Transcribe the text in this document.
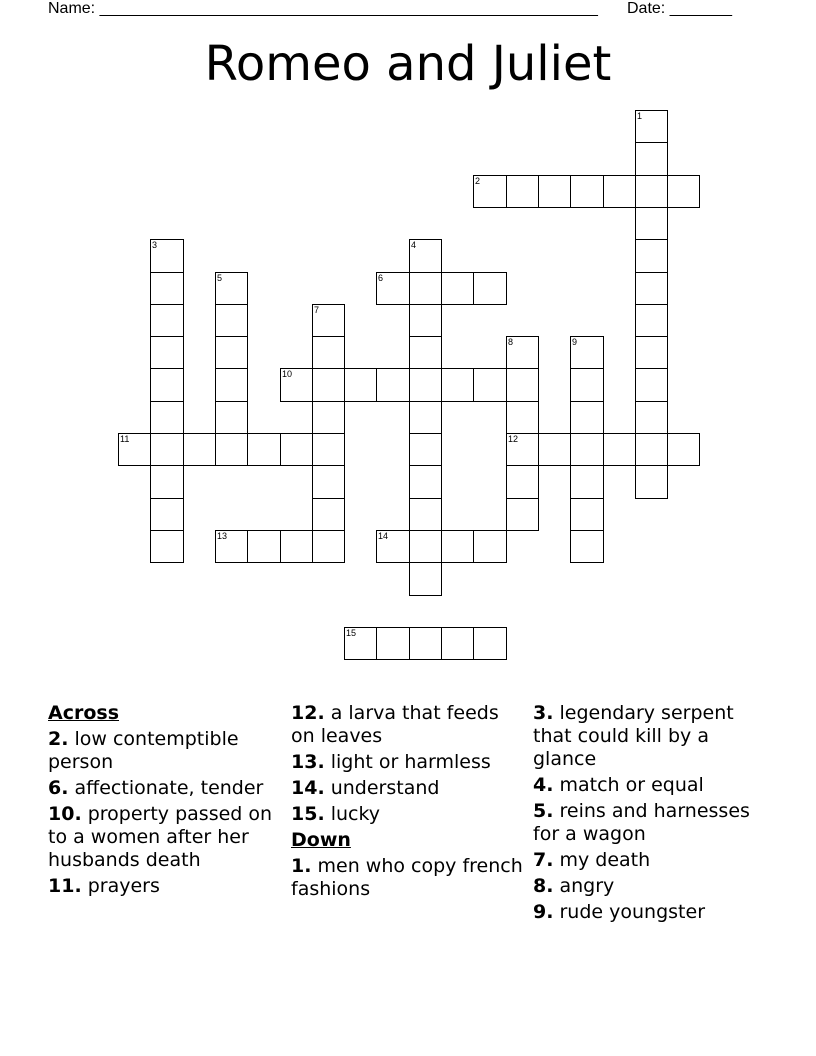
Name: ________________________________________________________ Date: _______
Romeo and Juliet
1
2
3	4
5	6
7
8
12
9
10
11
13	14
15

Across

2. low contemptible person

6. affectionate, tender

10. property passed on to a women after her husbands death

11. prayers

12. a larva that feeds on leaves

13. light or harmless

14. understand

15. lucky

Down

1. men who copy french fashions

3. legendary serpent that could kill by a glance

4. match or equal

5. reins and harnesses for a wagon

7. my death

8. angry

9. rude youngster
